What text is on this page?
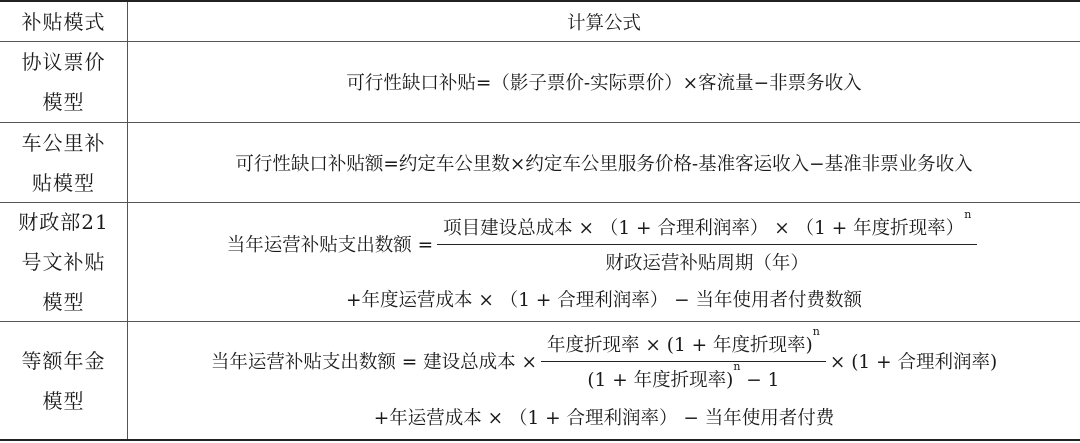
补贴模式	计算公式
协议票价
模型
可行性缺口补贴=（影子票价-实际票价）×客流量−非票务收入
车公里补
贴模型
可行性缺口补贴额=约定车公里数×约定车公里服务价格-基准客运收入−基准非票业务收入
财政部21
号文补贴
模型
当年运营补贴支出数额 = $\frac{项目建设总成本 \times (1 + 合理利润率) \times (1 + 年度折现率)^n}{\text{财政运营补贴周期（年）}}$
+年度运营成本 × （1 + 合理利润率） − 当年使用者付费数额
等额年金
模型
当年运营补贴支出数额 = 建设总成本 × $\frac{年度折现率 \times (1 + 年度折现率)^n}{(1 + 年度折现率)^n - 1} \times (1$ + 合理利润率)
+年运营成本 × （1 + 合理利润率） − 当年使用者付费
